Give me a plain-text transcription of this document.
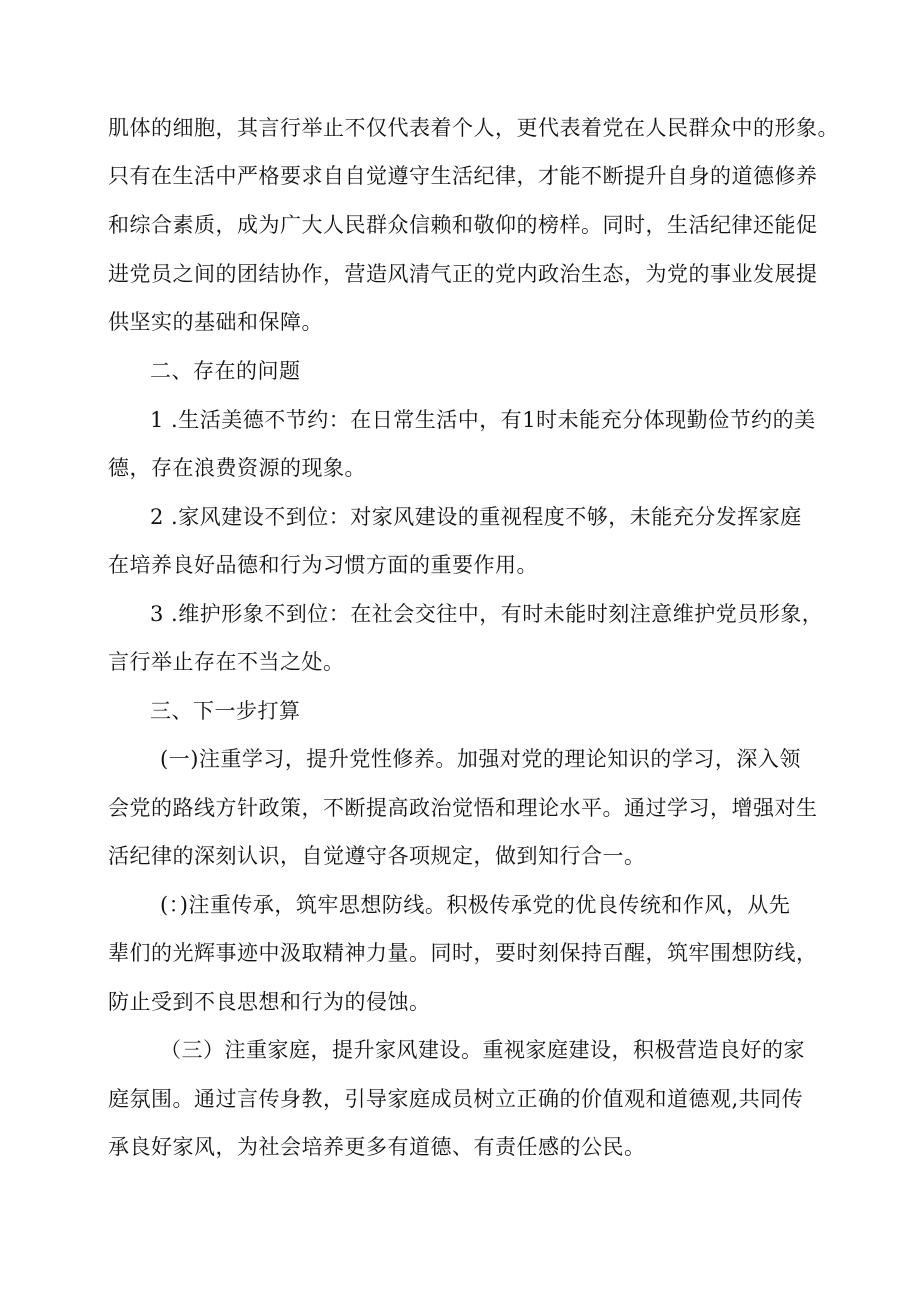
肌体的细胞，其言行举止不仅代表着个人，更代表着党在人民群众中的形象。
只有在生活中严格要求自自觉遵守生活纪律，才能不断提升自身的道德修养
和综合素质，成为广大人民群众信赖和敬仰的榜样。同时，生活纪律还能促
进党员之间的团结协作，营造风清气正的党内政治生态，为党的事业发展提
供坚实的基础和保障。
二、存在的问题
1 .生活美德不节约：在日常生活中，有1时未能充分体现勤俭节约的美
德，存在浪费资源的现象。
2 .家风建设不到位：对家风建设的重视程度不够，未能充分发挥家庭
在培养良好品德和行为习惯方面的重要作用。
3 .维护形象不到位：在社会交往中，有时未能时刻注意维护党员形象，
言行举止存在不当之处。
三、下一步打算
(一)注重学习，提升党性修养。加强对党的理论知识的学习，深入领
会党的路线方针政策，不断提高政治觉悟和理论水平。通过学习，增强对生
活纪律的深刻认识，自觉遵守各项规定，做到知行合一。
(：)注重传承，筑牢思想防线。积极传承党的优良传统和作风，从先
辈们的光辉事迹中汲取精神力量。同时，要时刻保持百醒，筑牢围想防线，
防止受到不良思想和行为的侵蚀。
（三）注重家庭，提升家风建设。重视家庭建设，积极营造良好的家
庭氛围。通过言传身教，引导家庭成员树立正确的价值观和道德观,共同传
承良好家风，为社会培养更多有道德、有责任感的公民。
